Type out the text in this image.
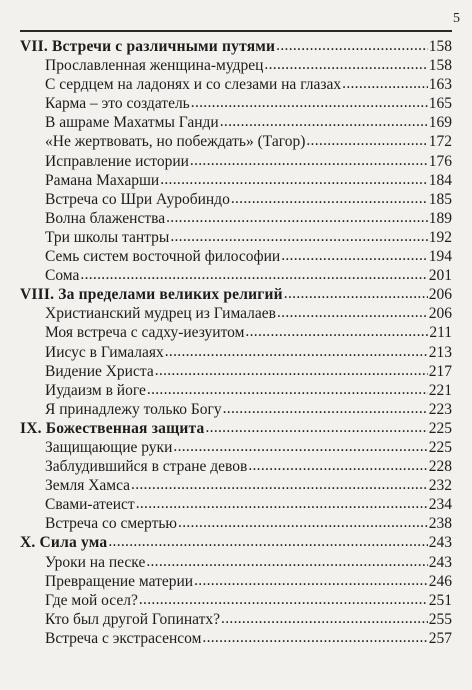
5
VII. Встречи с различными путями .....	158
Прославленная женщина-мудрец .....	158
С сердцем на ладонях и со слезами на глазах .....	163
Карма – это создатель .....	165
В ашраме Махатмы Ганди .....	169
«Не жертвовать, но побеждать» (Тагор) .....	172
Исправление истории .....	176
Рамана Махарши .....	184
Встреча со Шри Ауробиндо .....	185
Волна блаженства .....	189
Три школы тантры .....	192
Семь систем восточной философии .....	194
Сома .....	201
VIII. За пределами великих религий .....	206
Христианский мудрец из Гималаев .....	206
Моя встреча с садху-иезуитом .....	211
Иисус в Гималаях .....	213
Видение Христа .....	217
Иудаизм в йоге .....	221
Я принадлежу только Богу .....	223
IX. Божественная защита .....	225
Защищающие руки .....	225
Заблудившийся в стране девов .....	228
Земля Хамса .....	232
Свами-атеист .....	234
Встреча со смертью .....	238
X. Сила ума .....	243
Уроки на песке .....	243
Превращение материи .....	246
Где мой осел? .....	251
Кто был другой Гопинатх? .....	255
Встреча с экстрасенсом .....	257
